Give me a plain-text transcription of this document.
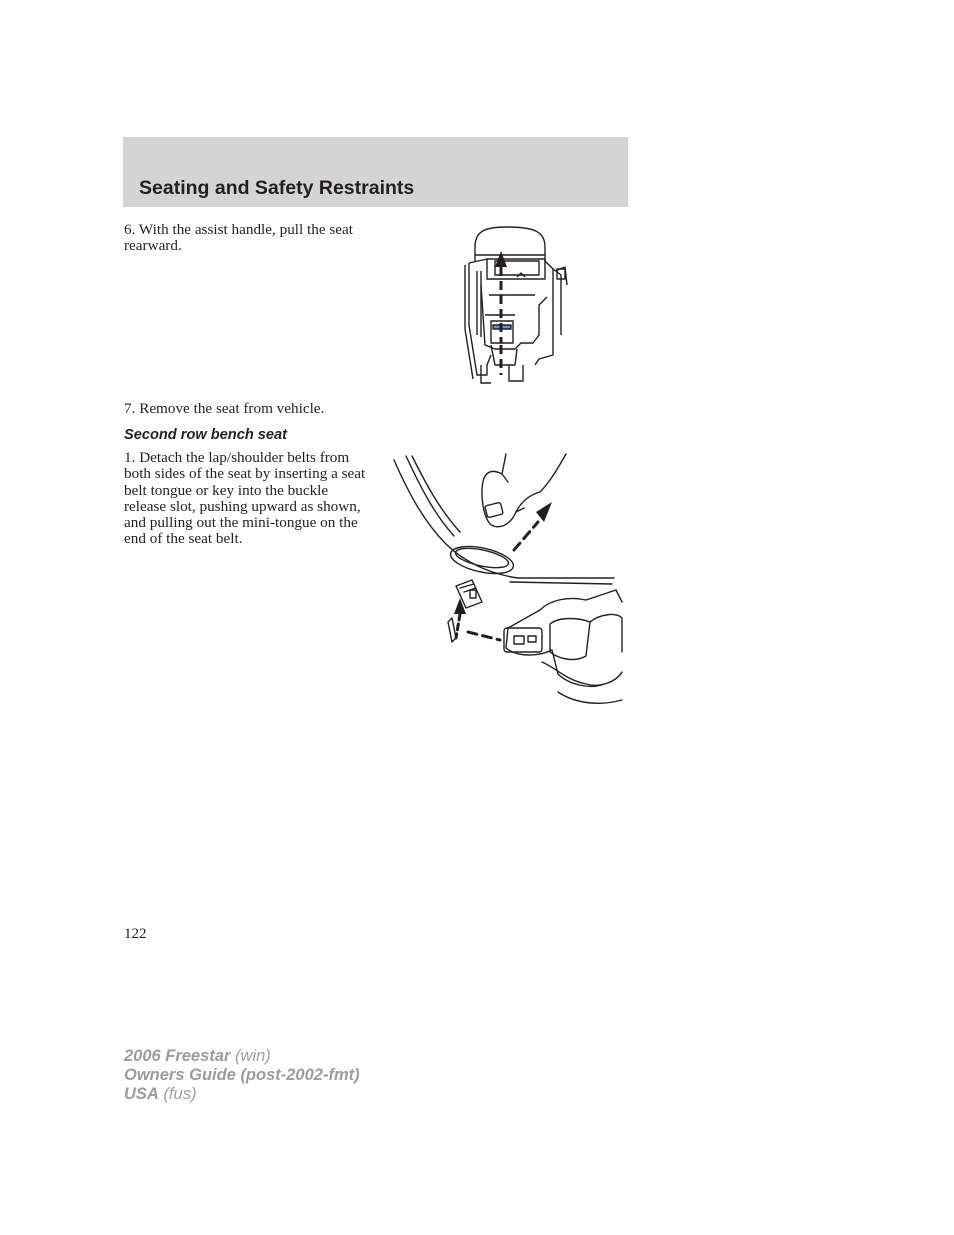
Seating and Safety Restraints

6. With the assist handle, pull the seat rearward.

7. Remove the seat from vehicle.

Second row bench seat

1. Detach the lap/shoulder belts from both sides of the seat by inserting a seat belt tongue or key into the buckle release slot, pushing upward as shown, and pulling out the mini-tongue on the end of the seat belt.

122
2006 Freestar (win)
Owners Guide (post-2002-fmt)
USA (fus)
